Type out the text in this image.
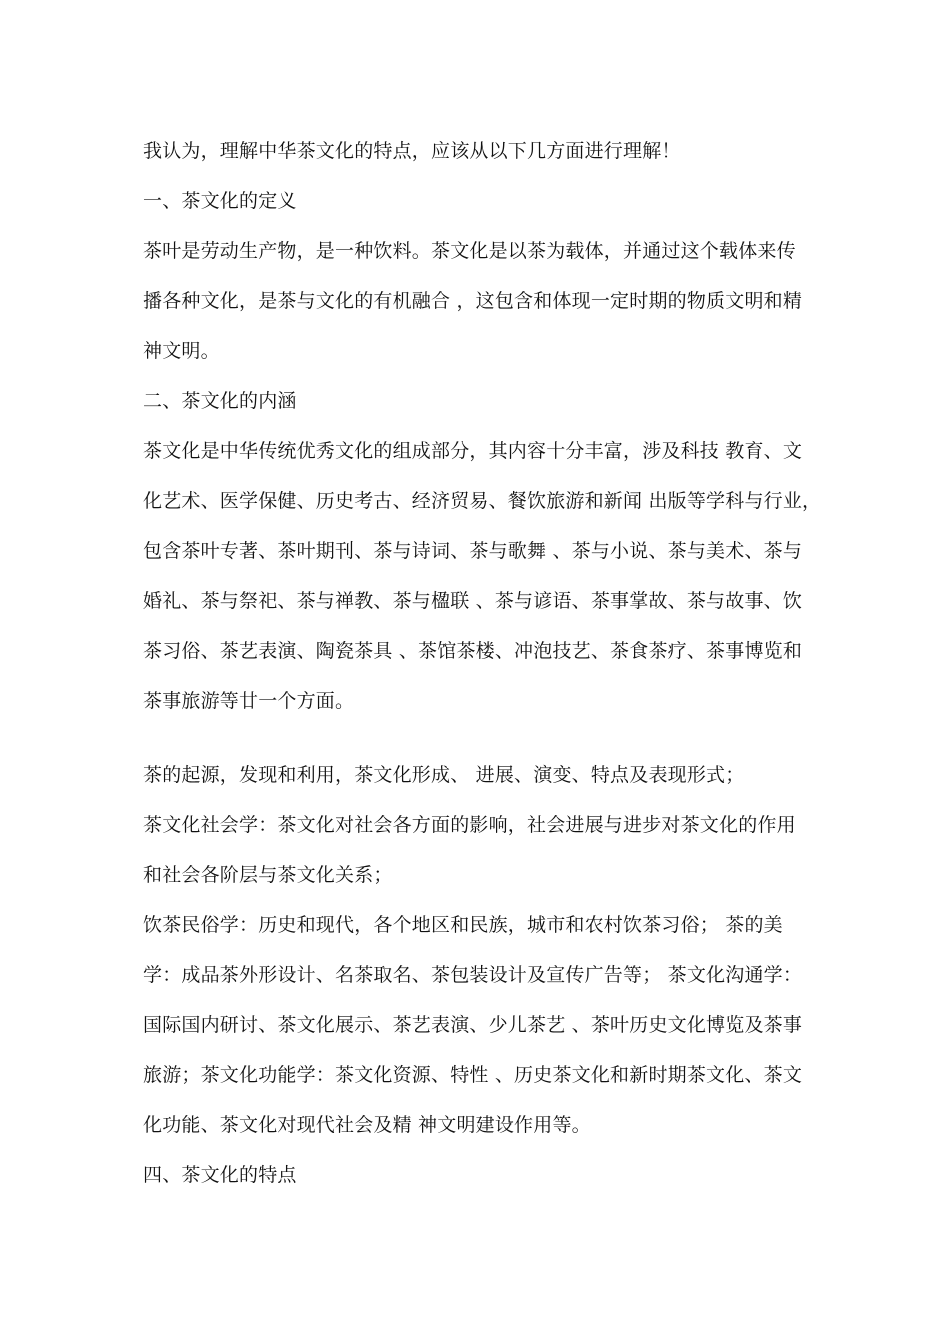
我认为，理解中华茶文化的特点，应该从以下几方面进行理解！
一、茶文化的定义
茶叶是劳动生产物，是一种饮料。茶文化是以茶为载体，并通过这个载体来传
播各种文化，是茶与文化的有机融合 ，这包含和体现一定时期的物质文明和精
神文明。
二、茶文化的内涵
茶文化是中华传统优秀文化的组成部分，其内容十分丰富，涉及科技 教育、文
化艺术、医学保健、历史考古、经济贸易、餐饮旅游和新闻 出版等学科与行业，
包含茶叶专著、茶叶期刊、茶与诗词、茶与歌舞 、茶与小说、茶与美术、茶与
婚礼、茶与祭祀、茶与禅教、茶与楹联 、茶与谚语、茶事掌故、茶与故事、饮
茶习俗、茶艺表演、陶瓷茶具 、茶馆茶楼、冲泡技艺、茶食茶疗、茶事博览和
茶事旅游等廿一个方面。
茶的起源，发现和利用，茶文化形成、 进展、演变、特点及表现形式；
茶文化社会学：茶文化对社会各方面的影响，社会进展与进步对茶文化的作用
和社会各阶层与茶文化关系；
饮茶民俗学：历史和现代，各个地区和民族，城市和农村饮茶习俗； 茶的美
学：成品茶外形设计、名茶取名、茶包装设计及宣传广告等； 茶文化沟通学：
国际国内研讨、茶文化展示、茶艺表演、少儿茶艺 、茶叶历史文化博览及茶事
旅游；茶文化功能学：茶文化资源、特性 、历史茶文化和新时期茶文化、茶文
化功能、茶文化对现代社会及精 神文明建设作用等。
四、茶文化的特点
